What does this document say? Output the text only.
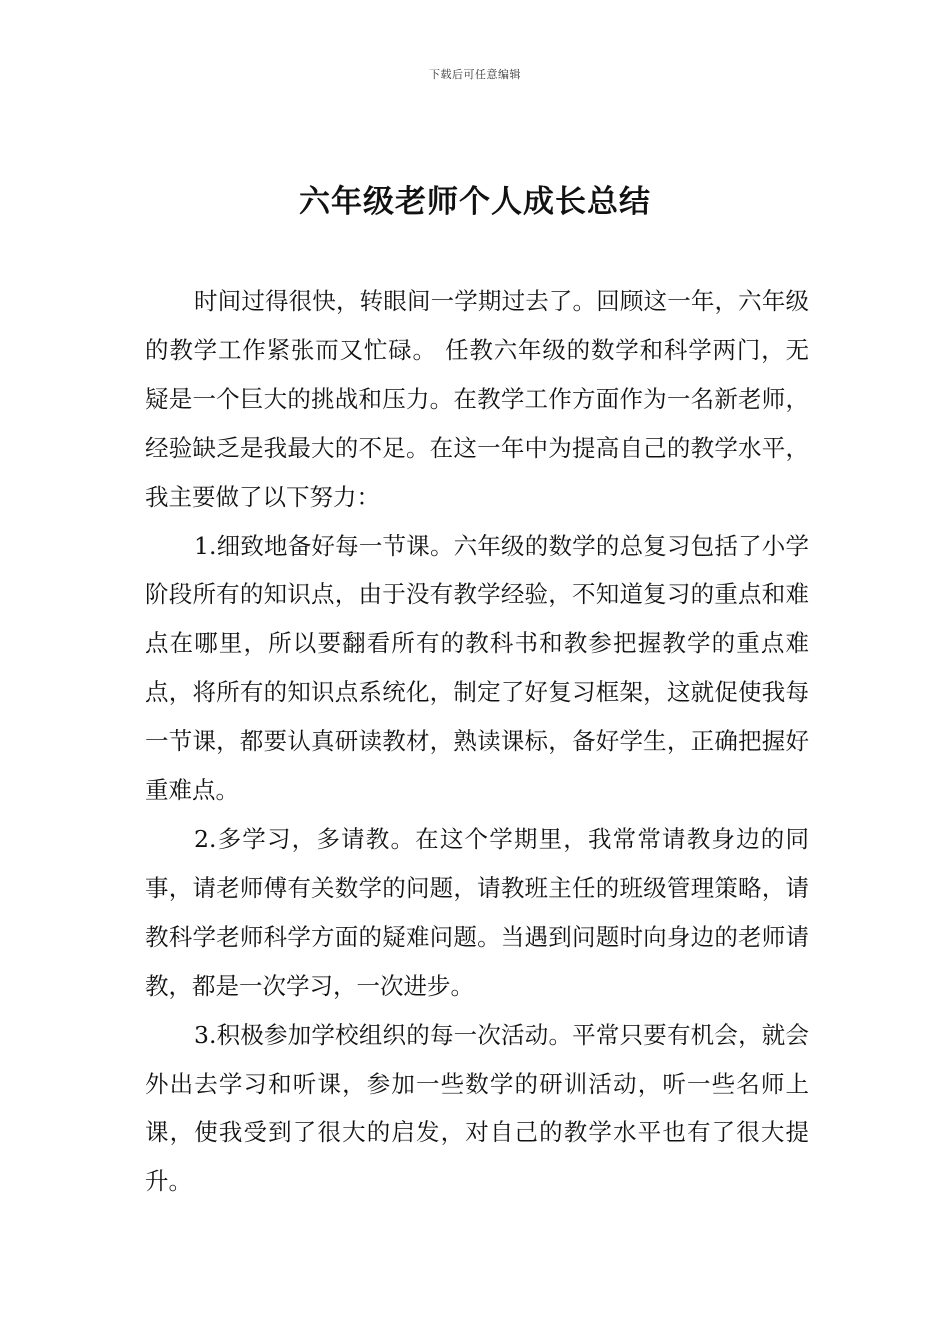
下载后可任意编辑
六年级老师个人成长总结

时间过得很快，转眼间一学期过去了。回顾这一年，六年级的教学工作紧张而又忙碌。 任教六年级的数学和科学两门，无疑是一个巨大的挑战和压力。在教学工作方面作为一名新老师，经验缺乏是我最大的不足。在这一年中为提高自己的教学水平，我主要做了以下努力：

1.细致地备好每一节课。六年级的数学的总复习包括了小学阶段所有的知识点，由于没有教学经验，不知道复习的重点和难点在哪里，所以要翻看所有的教科书和教参把握教学的重点难点，将所有的知识点系统化，制定了好复习框架，这就促使我每一节课，都要认真研读教材，熟读课标，备好学生，正确把握好重难点。

2.多学习，多请教。在这个学期里，我常常请教身边的同事，请老师傅有关数学的问题，请教班主任的班级管理策略，请教科学老师科学方面的疑难问题。当遇到问题时向身边的老师请教，都是一次学习，一次进步。

3.积极参加学校组织的每一次活动。平常只要有机会，就会外出去学习和听课，参加一些数学的研训活动，听一些名师上课，使我受到了很大的启发，对自己的教学水平也有了很大提升。
